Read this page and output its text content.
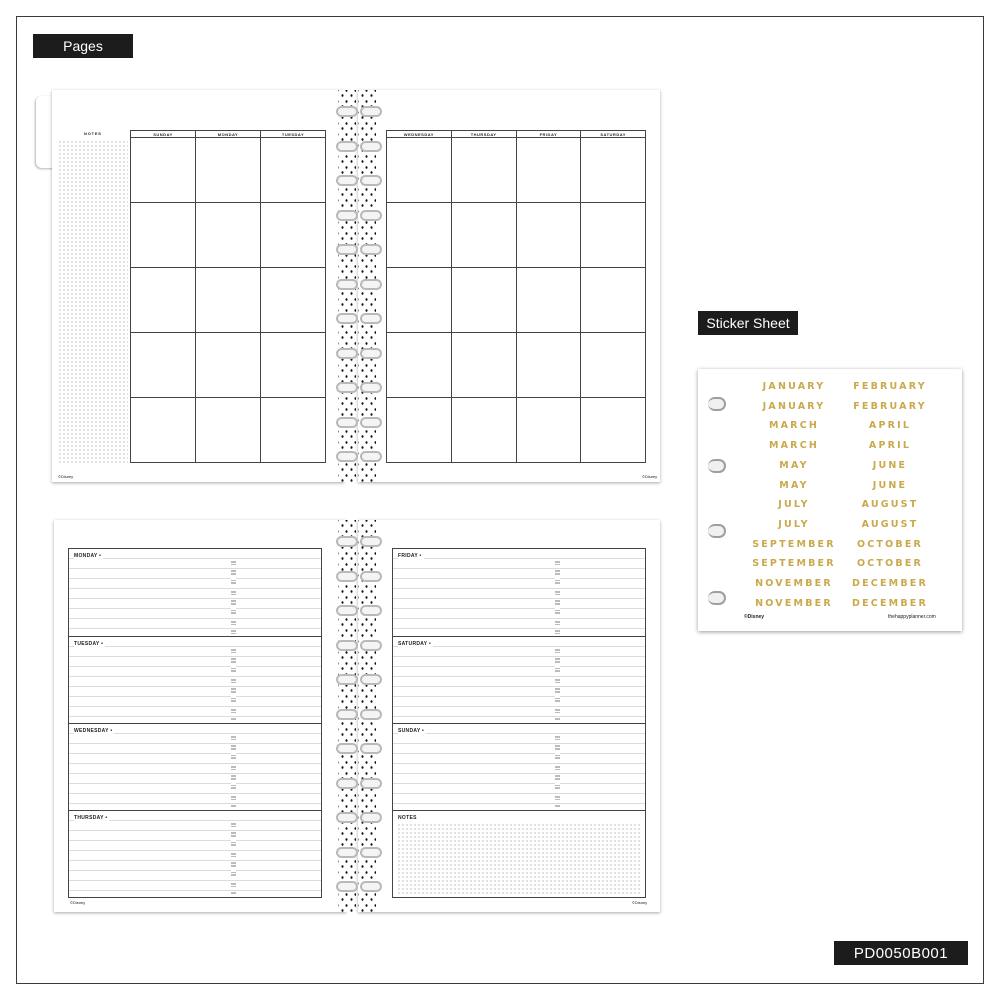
Pages
Sticker Sheet
PD0050B001
NOTES	SUNDAY	MONDAY	TUESDAY

©Disney
WEDNESDAY	THURSDAY	FRIDAY	SATURDAY

©Disney
MONDAY •
TUESDAY •
WEDNESDAY •
THURSDAY •
©Disney
FRIDAY •
SATURDAY •
SUNDAY •
NOTES
©Disney
JANUARY	FEBRUARY
JANUARY	FEBRUARY
MARCH	APRIL
MARCH	APRIL
MAY	JUNE
MAY	JUNE
JULY	AUGUST
JULY	AUGUST
SEPTEMBER	OCTOBER
SEPTEMBER	OCTOBER
NOVEMBER	DECEMBER
NOVEMBER	DECEMBER
©Disney	thehappyplanner.com
